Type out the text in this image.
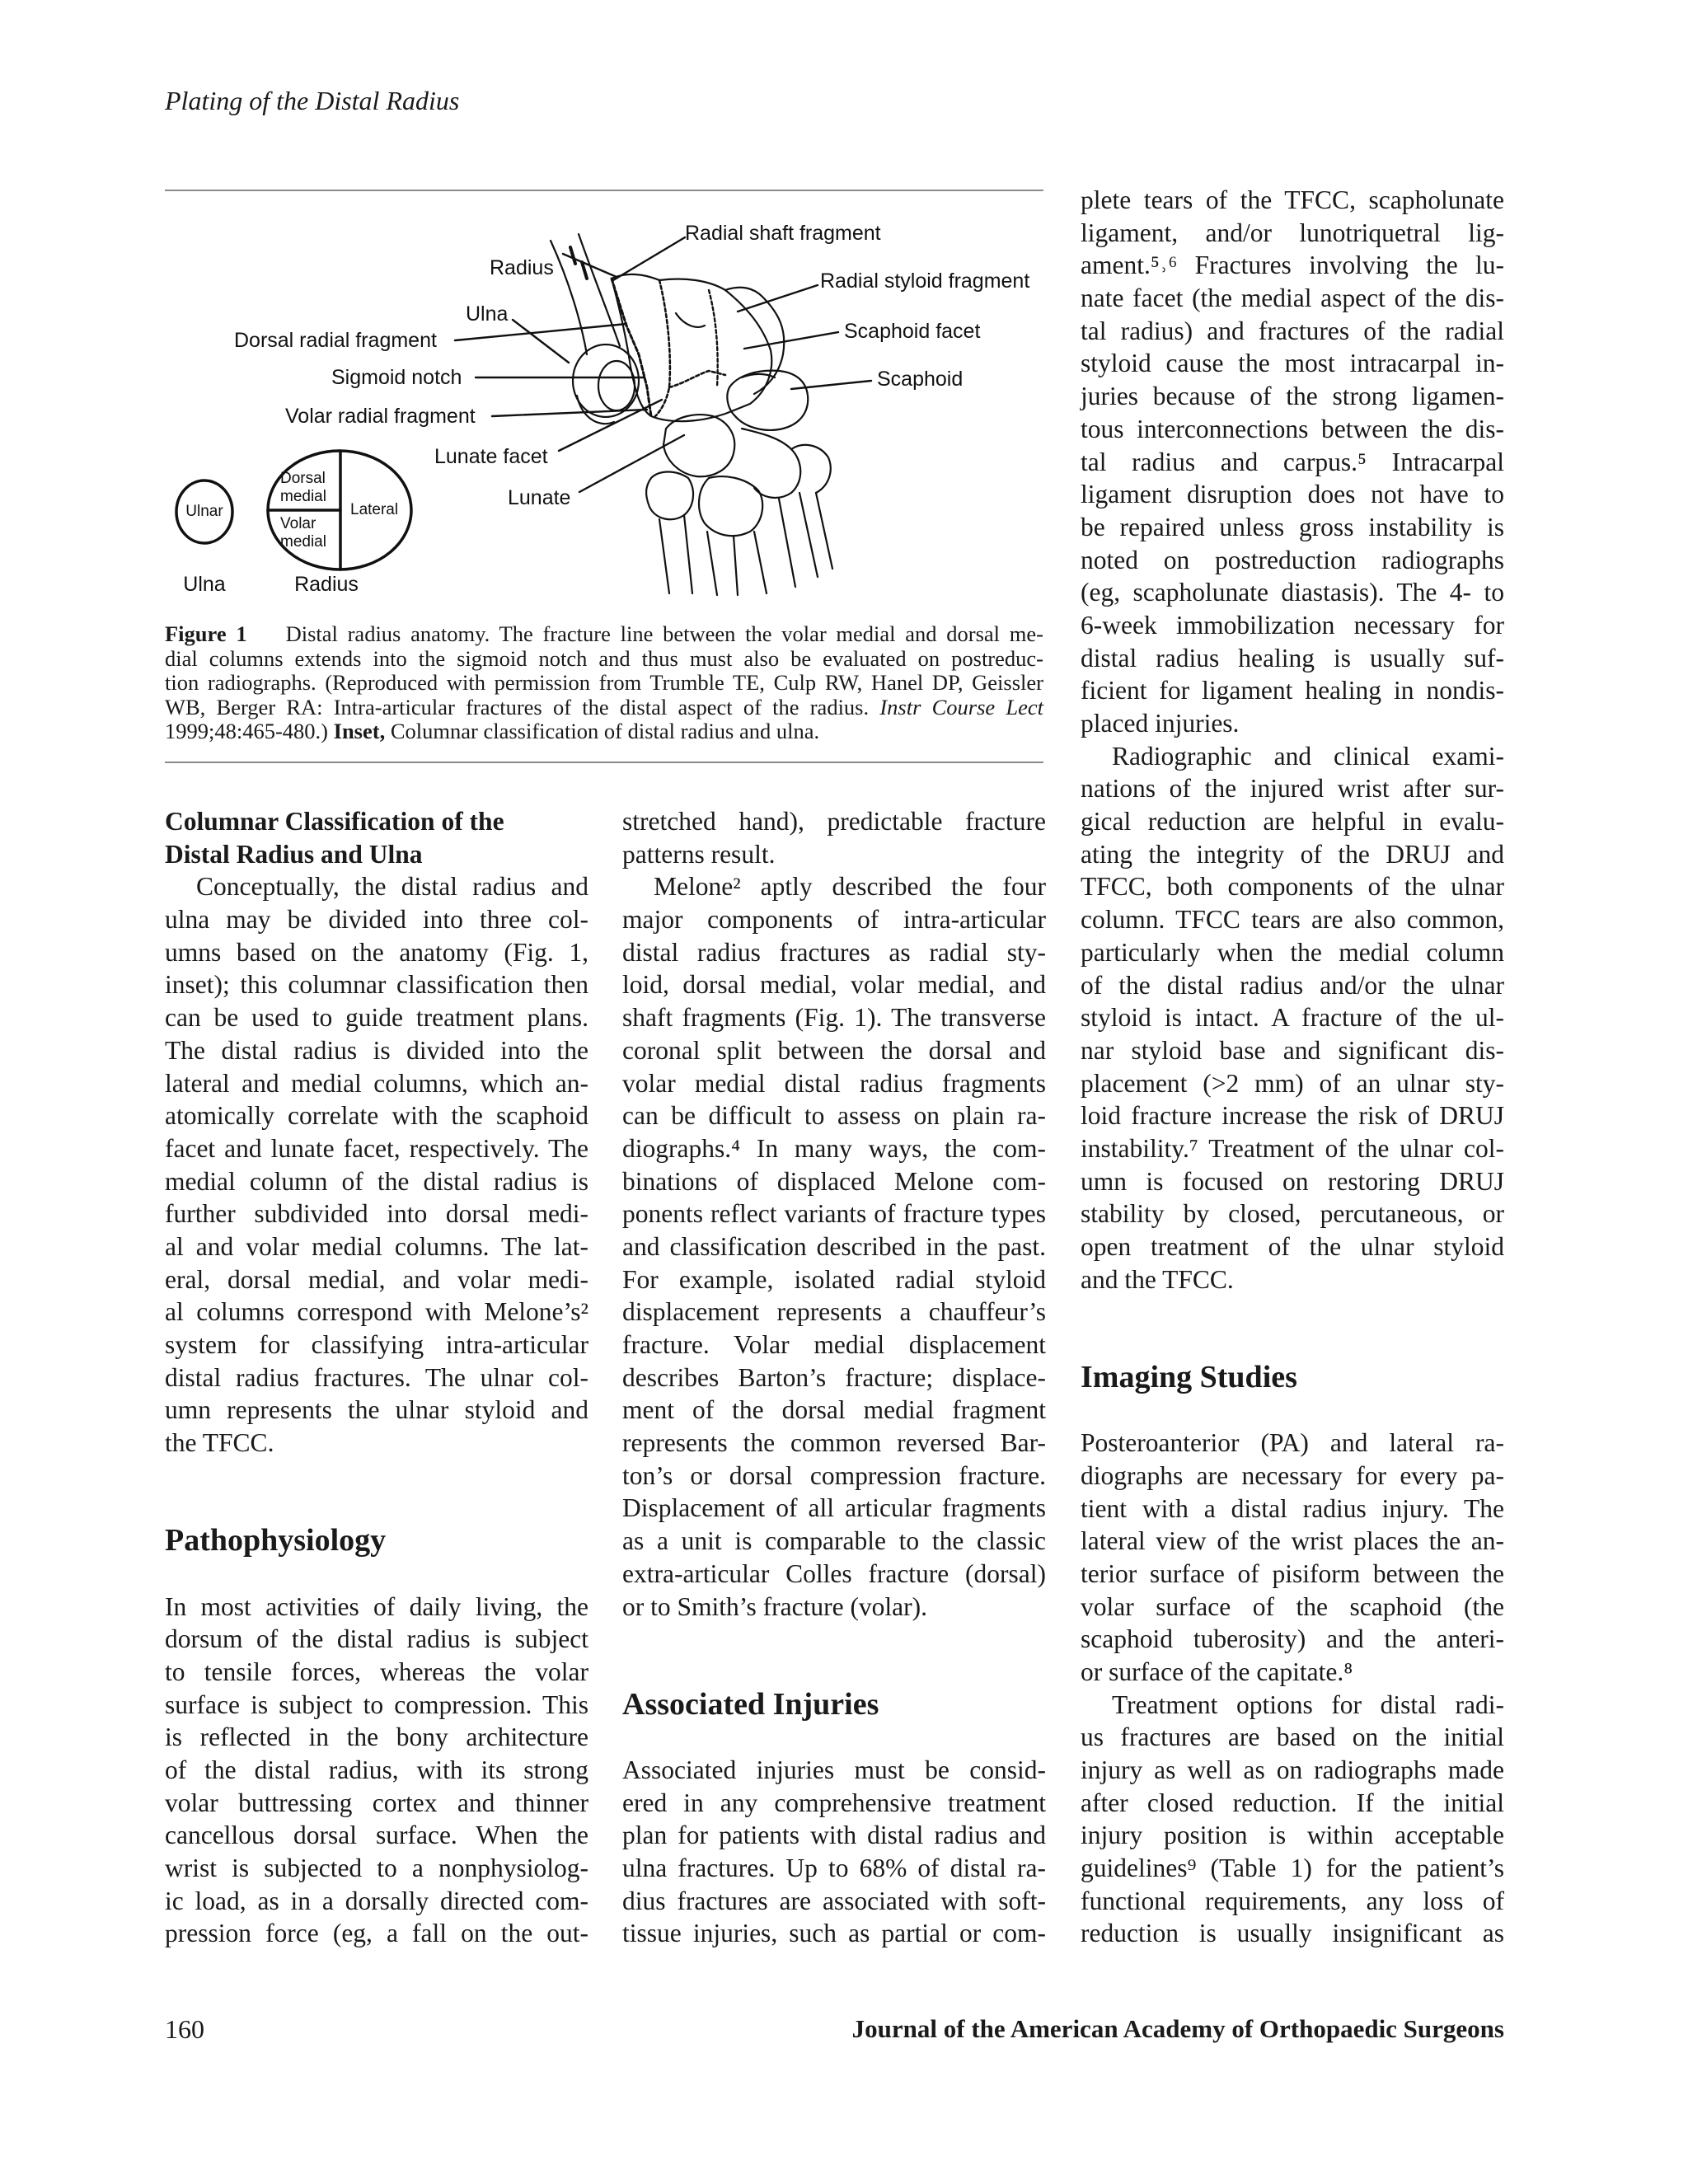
Plating of the Distal Radius
Radial shaft fragment
Radius
Radial styloid fragment
Ulna
Scaphoid facet
Dorsal radial fragment
Sigmoid notch	Scaphoid
Volar radial fragment
Lunate facet
Lunate
Ulnar
Dorsal
medial
Volar
medial
Lateral
Ulna	Radius
Figure 1 Distal radius anatomy. The fracture line between the volar medial and dorsal me-
dial columns extends into the sigmoid notch and thus must also be evaluated on postreduc-
tion radiographs. (Reproduced with permission from Trumble TE, Culp RW, Hanel DP, Geissler
WB, Berger RA: Intra-articular fractures of the distal aspect of the radius. Instr Course Lect
1999;48:465-480.) Inset, Columnar classification of distal radius and ulna.
Columnar Classification of the
Distal Radius and Ulna
Conceptually, the distal radius and
ulna may be divided into three col-
umns based on the anatomy (Fig. 1,
inset); this columnar classification then
can be used to guide treatment plans.
The distal radius is divided into the
lateral and medial columns, which an-
atomically correlate with the scaphoid
facet and lunate facet, respectively. The
medial column of the distal radius is
further subdivided into dorsal medi-
al and volar medial columns. The lat-
eral, dorsal medial, and volar medi-
al columns correspond with Melone’s²
system for classifying intra-articular
distal radius fractures. The ulnar col-
umn represents the ulnar styloid and
the TFCC.
Pathophysiology
In most activities of daily living, the
dorsum of the distal radius is subject
to tensile forces, whereas the volar
surface is subject to compression. This
is reflected in the bony architecture
of the distal radius, with its strong
volar buttressing cortex and thinner
cancellous dorsal surface. When the
wrist is subjected to a nonphysiolog-
ic load, as in a dorsally directed com-
pression force (eg, a fall on the out-
stretched hand), predictable fracture
patterns result.
Melone² aptly described the four
major components of intra-articular
distal radius fractures as radial sty-
loid, dorsal medial, volar medial, and
shaft fragments (Fig. 1). The transverse
coronal split between the dorsal and
volar medial distal radius fragments
can be difficult to assess on plain ra-
diographs.⁴ In many ways, the com-
binations of displaced Melone com-
ponents reflect variants of fracture types
and classification described in the past.
For example, isolated radial styloid
displacement represents a chauffeur’s
fracture. Volar medial displacement
describes Barton’s fracture; displace-
ment of the dorsal medial fragment
represents the common reversed Bar-
ton’s or dorsal compression fracture.
Displacement of all articular fragments
as a unit is comparable to the classic
extra-articular Colles fracture (dorsal)
or to Smith’s fracture (volar).
Associated Injuries
Associated injuries must be consid-
ered in any comprehensive treatment
plan for patients with distal radius and
ulna fractures. Up to 68% of distal ra-
dius fractures are associated with soft-
tissue injuries, such as partial or com-
plete tears of the TFCC, scapholunate
ligament, and/or lunotriquetral lig-
ament.⁵˒⁶ Fractures involving the lu-
nate facet (the medial aspect of the dis-
tal radius) and fractures of the radial
styloid cause the most intracarpal in-
juries because of the strong ligamen-
tous interconnections between the dis-
tal radius and carpus.⁵ Intracarpal
ligament disruption does not have to
be repaired unless gross instability is
noted on postreduction radiographs
(eg, scapholunate diastasis). The 4- to
6-week immobilization necessary for
distal radius healing is usually suf-
ficient for ligament healing in nondis-
placed injuries.
Radiographic and clinical exami-
nations of the injured wrist after sur-
gical reduction are helpful in evalu-
ating the integrity of the DRUJ and
TFCC, both components of the ulnar
column. TFCC tears are also common,
particularly when the medial column
of the distal radius and/or the ulnar
styloid is intact. A fracture of the ul-
nar styloid base and significant dis-
placement (>2 mm) of an ulnar sty-
loid fracture increase the risk of DRUJ
instability.⁷ Treatment of the ulnar col-
umn is focused on restoring DRUJ
stability by closed, percutaneous, or
open treatment of the ulnar styloid
and the TFCC.
Imaging Studies
Posteroanterior (PA) and lateral ra-
diographs are necessary for every pa-
tient with a distal radius injury. The
lateral view of the wrist places the an-
terior surface of pisiform between the
volar surface of the scaphoid (the
scaphoid tuberosity) and the anteri-
or surface of the capitate.⁸
Treatment options for distal radi-
us fractures are based on the initial
injury as well as on radiographs made
after closed reduction. If the initial
injury position is within acceptable
guidelines⁹ (Table 1) for the patient’s
functional requirements, any loss of
reduction is usually insignificant as
160	Journal of the American Academy of Orthopaedic Surgeons
